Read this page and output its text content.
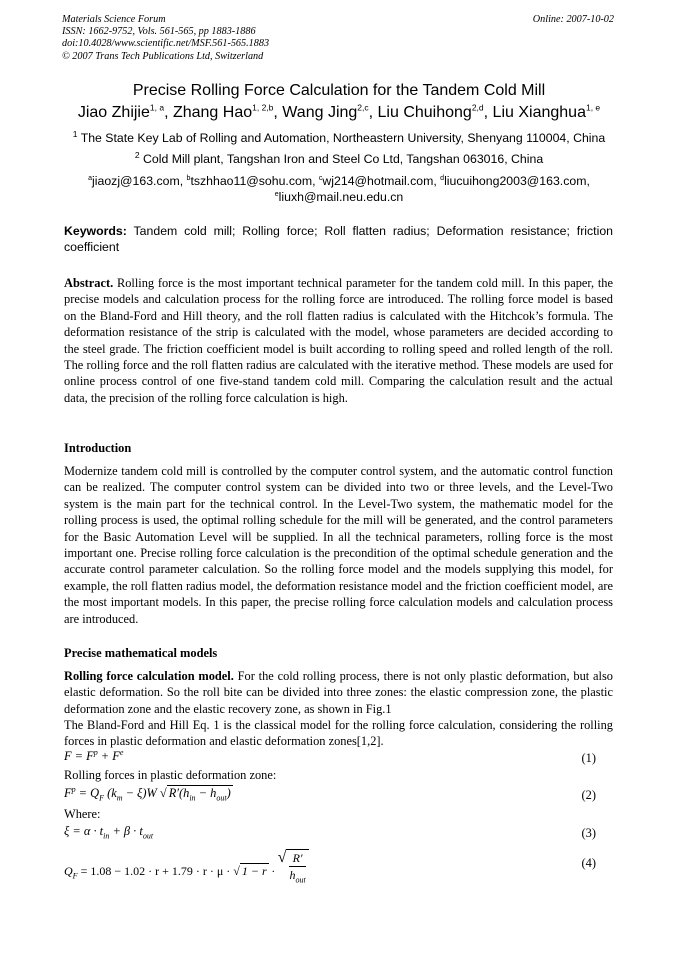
Materials Science Forum
ISSN: 1662-9752, Vols. 561-565, pp 1883-1886
doi:10.4028/www.scientific.net/MSF.561-565.1883
© 2007 Trans Tech Publications Ltd, Switzerland
Online: 2007-10-02
Precise Rolling Force Calculation for the Tandem Cold Mill
Jiao Zhijie$^{1, a}$, Zhang Hao$^{1, 2,b}$, Wang Jing$^{2,c}$, Liu Chuihong$^{2,d}$, Liu Xianghua$^{1, e}$
$^1$ The State Key Lab of Rolling and Automation, Northeastern University, Shenyang 110004, China
$^2$ Cold Mill plant, Tangshan Iron and Steel Co Ltd, Tangshan 063016, China
$^a$jiaozj@163.com, $^b$tszhhao11@sohu.com, $^c$wj214@hotmail.com, $^d$liucuihong2003@163.com,
$^e$liuxh@mail.neu.edu.cn
Keywords: Tandem cold mill; Rolling force; Roll flatten radius; Deformation resistance; friction coefficient
Abstract. Rolling force is the most important technical parameter for the tandem cold mill. In this paper, the precise models and calculation process for the rolling force are introduced. The rolling force model is based on the Bland-Ford and Hill theory, and the roll flatten radius is calculated with the Hitchcok’s formula. The deformation resistance of the strip is calculated with the model, whose parameters are decided according to the steel grade. The friction coefficient model is built according to rolling speed and rolled length of the roll. The rolling force and the roll flatten radius are calculated with the iterative method. These models are used for online process control of one five-stand tandem cold mill. Comparing the calculation result and the actual data, the precision of the rolling force calculation is high.
Introduction
Modernize tandem cold mill is controlled by the computer control system, and the automatic control function can be realized. The computer control system can be divided into two or three levels, and the Level-Two system is the main part for the technical control. In the Level-Two system, the mathematic model for the rolling process is used, the optimal rolling schedule for the mill will be generated, and the control parameters for the Basic Automation Level will be supplied. In all the technical parameters, rolling force is the most important one. Precise rolling force calculation is the precondition of the optimal schedule generation and the accurate control parameter calculation. So the rolling force model and the models supplying this model, for example, the roll flatten radius model, the deformation resistance model and the friction coefficient model, are the most important models. In this paper, the precise rolling force calculation models and calculation process are introduced.
Precise mathematical models
Rolling force calculation model. For the cold rolling process, there is not only plastic deformation, but also elastic deformation. So the roll bite can be divided into three zones: the elastic compression zone, the plastic deformation zone and the elastic recovery zone, as shown in Fig.1
The Bland-Ford and Hill Eq. 1 is the classical model for the rolling force calculation, considering the rolling forces in plastic deformation and elastic deformation zones[1,2].
$F = F^p + F^e$	(1)
Rolling forces in plastic deformation zone:
$F^p = Q_F$ $(k_m - \xi)W$ √ $R'(h_{in} - h_{out})$	(2)
Where:
$\xi = \alpha \cdot t_{in} + \beta \cdot t_{out}$	(3)
$Q_F = 1.08 - 1.02 \cdot r + 1.79 \cdot r \cdot \mu$ · √ 1 − r · √ R′
$h_{out}$
(4)
